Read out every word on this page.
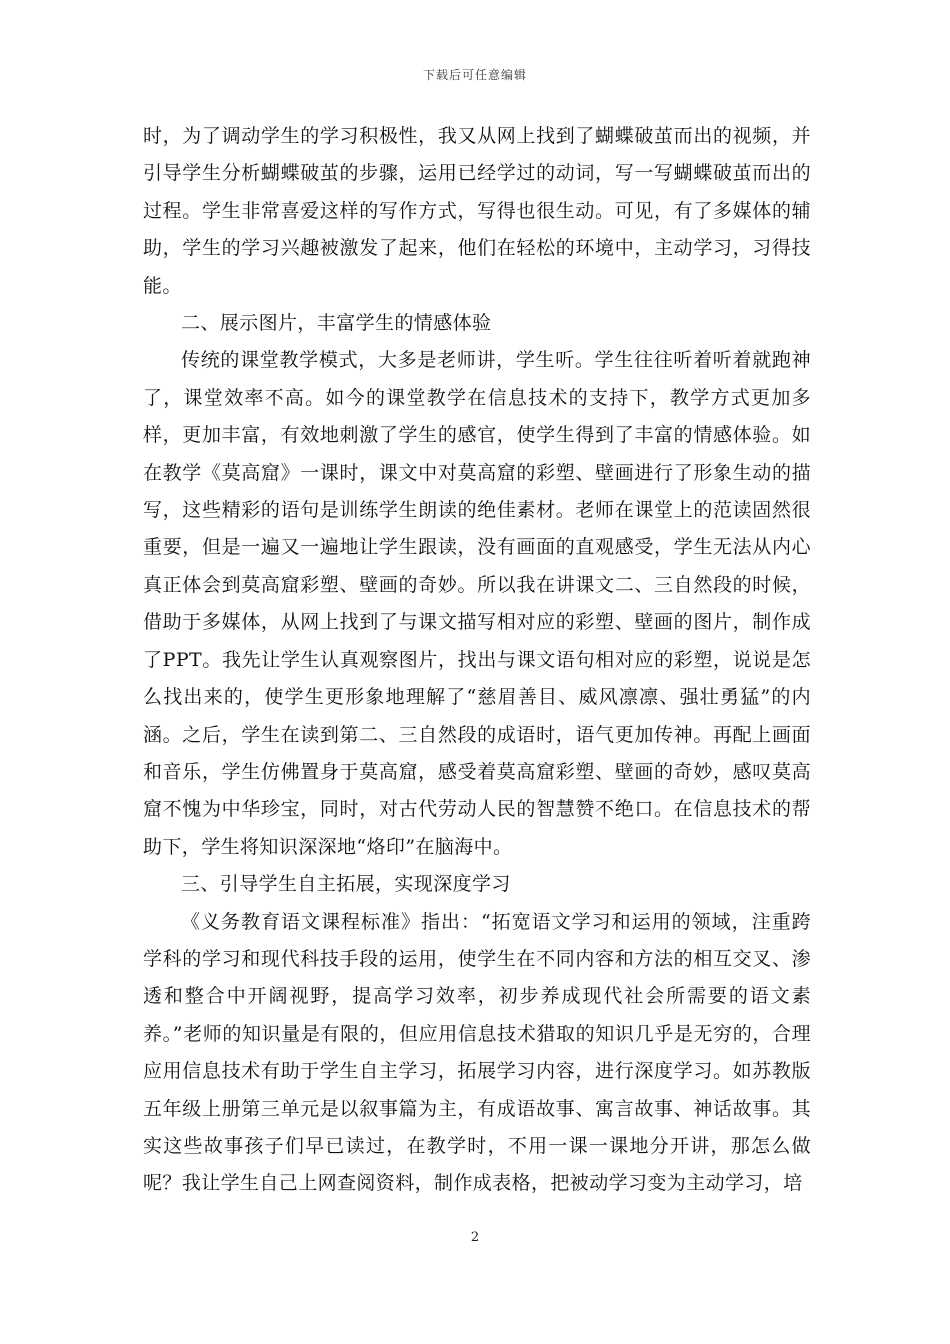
下载后可任意编辑

时，为了调动学生的学习积极性，我又从网上找到了蝴蝶破茧而出的视频，并引导学生分析蝴蝶破茧的步骤，运用已经学过的动词，写一写蝴蝶破茧而出的过程。学生非常喜爱这样的写作方式，写得也很生动。可见，有了多媒体的辅助，学生的学习兴趣被激发了起来，他们在轻松的环境中，主动学习，习得技能。

二、展示图片，丰富学生的情感体验

传统的课堂教学模式，大多是老师讲，学生听。学生往往听着听着就跑神了，课堂效率不高。如今的课堂教学在信息技术的支持下，教学方式更加多样，更加丰富，有效地刺激了学生的感官，使学生得到了丰富的情感体验。如在教学《莫高窟》一课时，课文中对莫高窟的彩塑、壁画进行了形象生动的描写，这些精彩的语句是训练学生朗读的绝佳素材。老师在课堂上的范读固然很重要，但是一遍又一遍地让学生跟读，没有画面的直观感受，学生无法从内心真正体会到莫高窟彩塑、壁画的奇妙。所以我在讲课文二、三自然段的时候，借助于多媒体，从网上找到了与课文描写相对应的彩塑、壁画的图片，制作成了PPT。我先让学生认真观察图片，找出与课文语句相对应的彩塑，说说是怎么找出来的，使学生更形象地理解了“慈眉善目、威风凛凛、强壮勇猛”的内涵。之后，学生在读到第二、三自然段的成语时，语气更加传神。再配上画面和音乐，学生仿佛置身于莫高窟，感受着莫高窟彩塑、壁画的奇妙，感叹莫高窟不愧为中华珍宝，同时，对古代劳动人民的智慧赞不绝口。在信息技术的帮助下，学生将知识深深地“烙印”在脑海中。

三、引导学生自主拓展，实现深度学习

《义务教育语文课程标准》指出：“拓宽语文学习和运用的领域，注重跨学科的学习和现代科技手段的运用，使学生在不同内容和方法的相互交叉、渗透和整合中开阔视野，提高学习效率，初步养成现代社会所需要的语文素养。”老师的知识量是有限的，但应用信息技术猎取的知识几乎是无穷的，合理应用信息技术有助于学生自主学习，拓展学习内容，进行深度学习。如苏教版五年级上册第三单元是以叙事篇为主，有成语故事、寓言故事、神话故事。其实这些故事孩子们早已读过，在教学时，不用一课一课地分开讲，那怎么做呢？我让学生自己上网查阅资料，制作成表格，把被动学习变为主动学习，培

2
